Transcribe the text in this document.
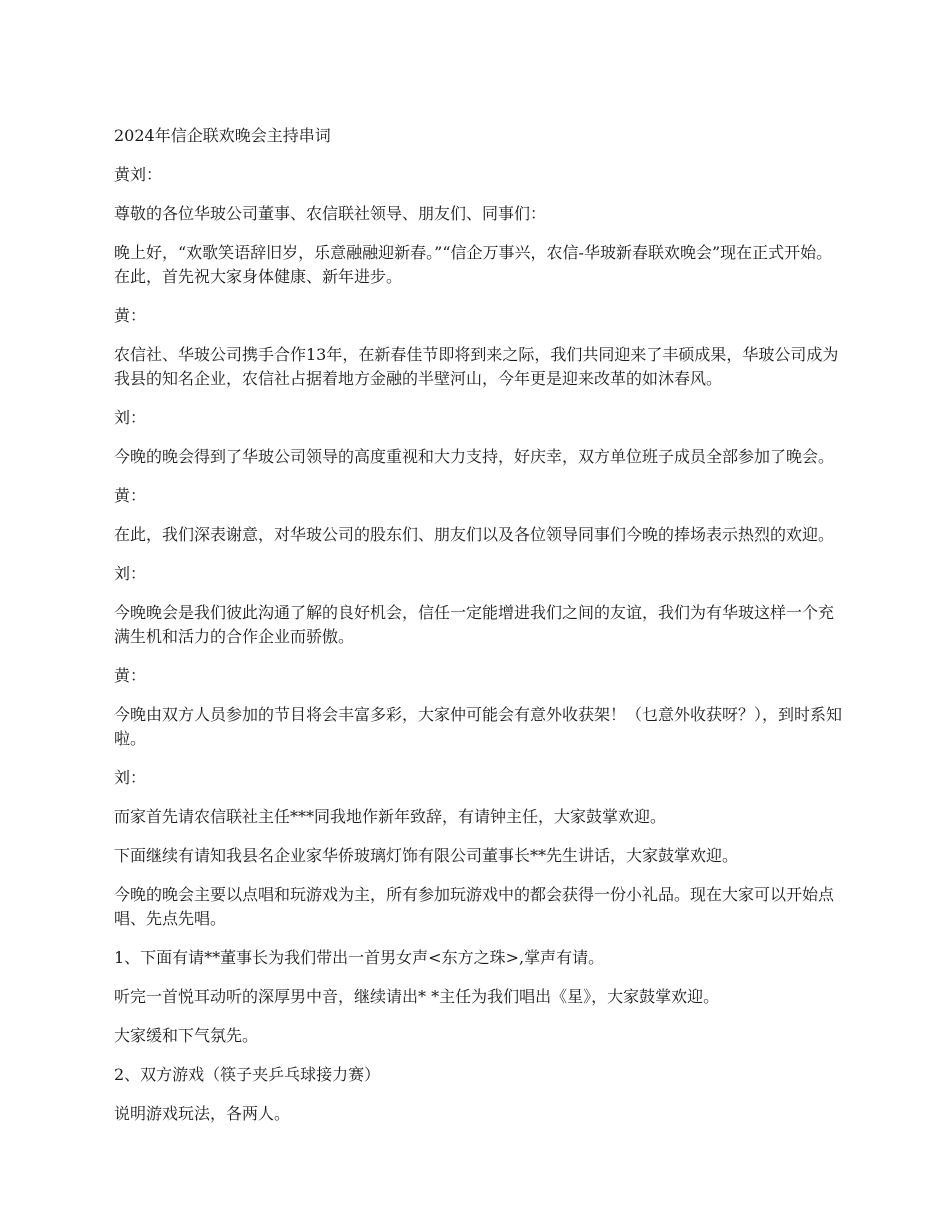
2024年信企联欢晚会主持串词

黄刘：

尊敬的各位华玻公司董事、农信联社领导、朋友们、同事们：

晚上好，“欢歌笑语辞旧岁，乐意融融迎新春。”“信企万事兴，农信-华玻新春联欢晚会”现在正式开始。在此，首先祝大家身体健康、新年进步。

黄：

农信社、华玻公司携手合作13年，在新春佳节即将到来之际，我们共同迎来了丰硕成果，华玻公司成为我县的知名企业，农信社占据着地方金融的半壁河山，今年更是迎来改革的如沐春风。

刘：

今晚的晚会得到了华玻公司领导的高度重视和大力支持，好庆幸，双方单位班子成员全部参加了晚会。

黄：

在此，我们深表谢意，对华玻公司的股东们、朋友们以及各位领导同事们今晚的捧场表示热烈的欢迎。

刘：

今晚晚会是我们彼此沟通了解的良好机会，信任一定能增进我们之间的友谊，我们为有华玻这样一个充满生机和活力的合作企业而骄傲。

黄：

今晚由双方人员参加的节目将会丰富多彩，大家仲可能会有意外收获架！（乜意外收获呀？），到时系知啦。

刘：

而家首先请农信联社主任***同我地作新年致辞，有请钟主任，大家鼓掌欢迎。

下面继续有请知我县名企业家华侨玻璃灯饰有限公司董事长**先生讲话，大家鼓掌欢迎。

今晚的晚会主要以点唱和玩游戏为主，所有参加玩游戏中的都会获得一份小礼品。现在大家可以开始点唱、先点先唱。

1、下面有请**董事长为我们带出一首男女声<东方之珠>,掌声有请。

听完一首悦耳动听的深厚男中音，继续请出* *主任为我们唱出《星》，大家鼓掌欢迎。

大家缓和下气氛先。

2、双方游戏（筷子夹乒乓球接力赛）

说明游戏玩法，各两人。
